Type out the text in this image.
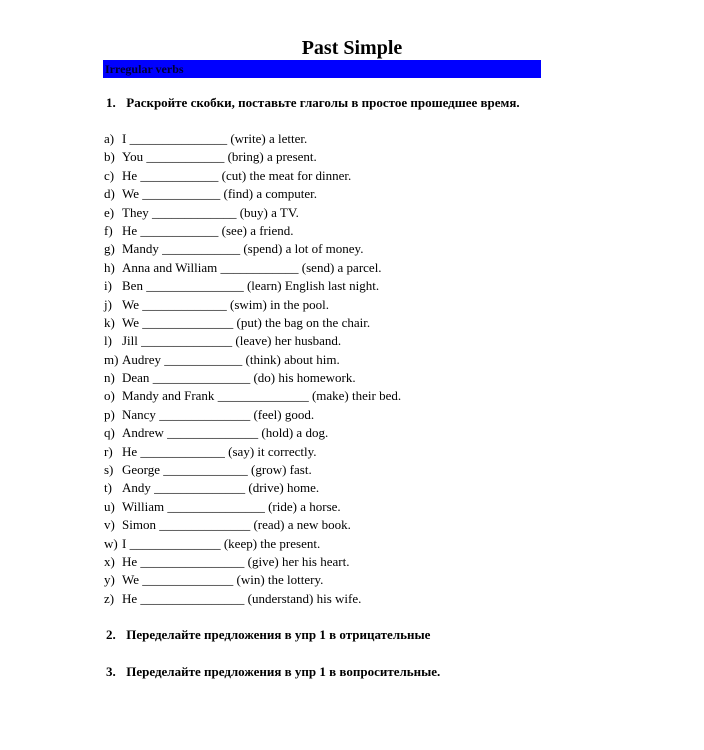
Past Simple
Irregular verbs
1. Раскройте скобки, поставьте глаголы в простое прошедшее время.
a) I _______________ (write) a letter.
b) You ____________ (bring) a present.
c) He ____________ (cut) the meat for dinner.
d) We ____________ (find) a computer.
e) They _____________ (buy) a TV.
f) He ____________ (see) a friend.
g) Mandy ____________ (spend) a lot of money.
h) Anna and William ____________ (send) a parcel.
i) Ben _______________ (learn) English last night.
j) We _____________ (swim) in the pool.
k) We ______________ (put) the bag on the chair.
l) Jill ______________ (leave) her husband.
m) Audrey ____________ (think) about him.
n) Dean _______________ (do) his homework.
o) Mandy and Frank ______________ (make) their bed.
p) Nancy ______________ (feel) good.
q) Andrew ______________ (hold) a dog.
r) He _____________ (say) it correctly.
s) George _____________ (grow) fast.
t) Andy ______________ (drive) home.
u) William _______________ (ride) a horse.
v) Simon ______________ (read) a new book.
w) I ______________ (keep) the present.
x) He ________________ (give) her his heart.
y) We ______________ (win) the lottery.
z) He ________________ (understand) his wife.
2. Переделайте предложения в упр 1 в отрицательные
3. Переделайте предложения в упр 1 в вопросительные.
